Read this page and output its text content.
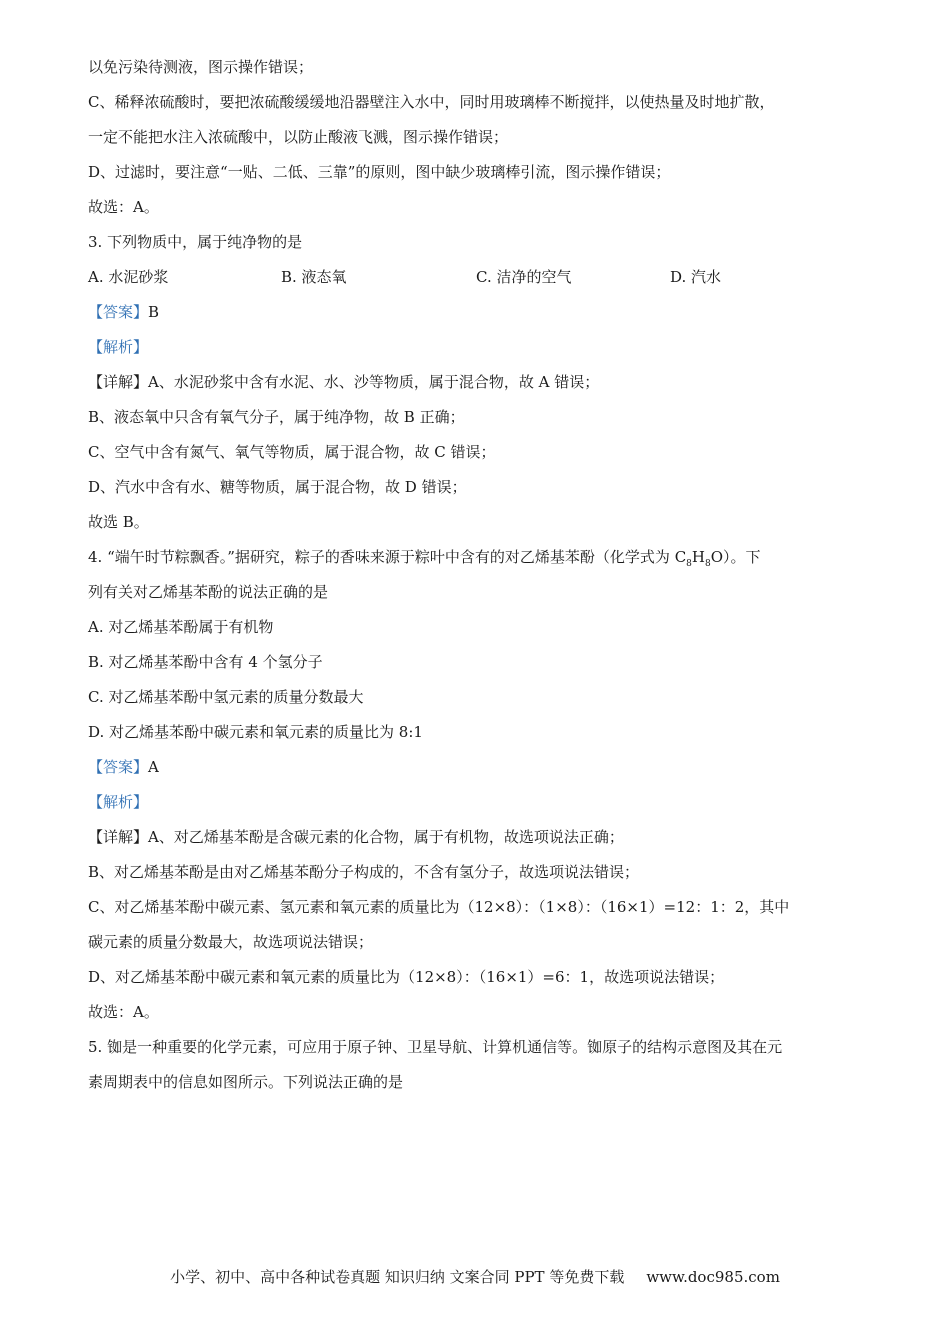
以免污染待测液，图示操作错误；
C、稀释浓硫酸时，要把浓硫酸缓缓地沿器壁注入水中，同时用玻璃棒不断搅拌，以使热量及时地扩散，
一定不能把水注入浓硫酸中，以防止酸液飞溅，图示操作错误；
D、过滤时，要注意“一贴、二低、三靠”的原则，图中缺少玻璃棒引流，图示操作错误；
故选：A。
3. 下列物质中，属于纯净物的是
A. 水泥砂浆	B. 液态氧	C. 洁净的空气	D. 汽水
【答案】B
【解析】
【详解】A、水泥砂浆中含有水泥、水、沙等物质，属于混合物，故 A 错误；
B、液态氧中只含有氧气分子，属于纯净物，故 B 正确；
C、空气中含有氮气、氧气等物质，属于混合物，故 C 错误；
D、汽水中含有水、糖等物质，属于混合物，故 D 错误；
故选 B。
4. “端午时节粽飘香。”据研究，粽子的香味来源于粽叶中含有的对乙烯基苯酚（化学式为 $C_8H_8O$）。下
列有关对乙烯基苯酚的说法正确的是
A. 对乙烯基苯酚属于有机物
B. 对乙烯基苯酚中含有 4 个氢分子
C. 对乙烯基苯酚中氢元素的质量分数最大
D. 对乙烯基苯酚中碳元素和氧元素的质量比为 8:1
【答案】A
【解析】
【详解】A、对乙烯基苯酚是含碳元素的化合物，属于有机物，故选项说法正确；
B、对乙烯基苯酚是由对乙烯基苯酚分子构成的，不含有氢分子，故选项说法错误；
C、对乙烯基苯酚中碳元素、氢元素和氧元素的质量比为（12×8）：（1×8）：（16×1）=12：1：2，其中
碳元素的质量分数最大，故选项说法错误；
D、对乙烯基苯酚中碳元素和氧元素的质量比为（12×8）：（16×1）=6：1，故选项说法错误；
故选：A。
5. 铷是一种重要的化学元素，可应用于原子钟、卫星导航、计算机通信等。铷原子的结构示意图及其在元
素周期表中的信息如图所示。下列说法正确的是
小学、初中、高中各种试卷真题 知识归纳 文案合同 PPT 等免费下载 www.doc985.com
